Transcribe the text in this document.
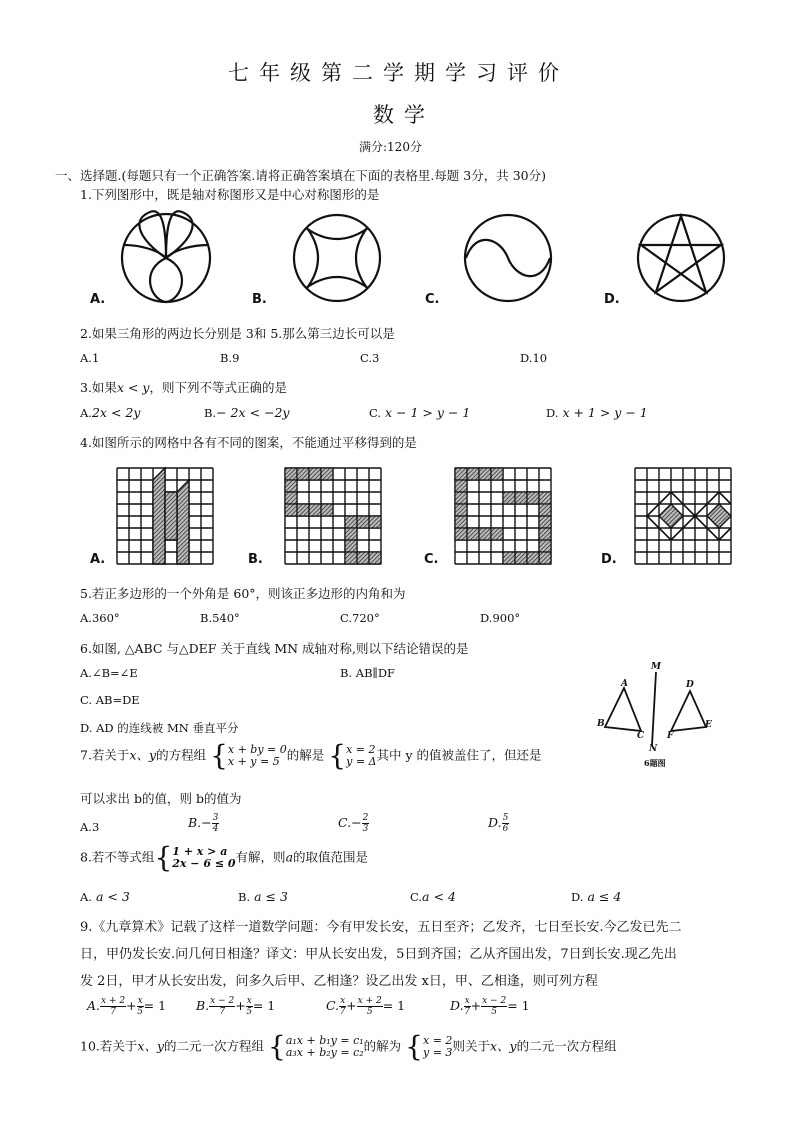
七年级第二学期学习评价
数学
满分:120分
一、选择题.(每题只有一个正确答案.请将正确答案填在下面的表格里.每题 3分，共 30分)
1.下列图形中，既是轴对称图形又是中心对称图形的是
A.	B.	C.	D.
2.如果三角形的两边长分别是 3和 5.那么第三边长可以是
A.1	B.9	C.3	D.10
3.如果x < y，则下列不等式正确的是
A.2x < 2y	B.− 2x < −2y	C. x − 1 > y − 1	D. x + 1 > y − 1
4.如图所示的网格中各有不同的图案，不能通过平移得到的是
A.	B.	C.	D.
5.若正多边形的一个外角是 60°，则该正多边形的内角和为
A.360°	B.540°	C.720°	D.900°
6.如图, △ABC 与△DEF 关于直线 MN 成轴对称,则以下结论错误的是
A.∠B=∠E	B. AB∥DF
C. AB=DE
D. AD 的连线被 MN 垂直平分
M
A	D
B
C	F
E
N
6题图
7.若关于x、y的方程组 { x + by = 0
x + y = 5 的解是 { x = 2
y = Δ 其中 y 的值被盖住了，但还是
可以求出 b的值，则 b的值为
A.3	$B.- \frac{3}{4}$	$C.- \frac{2}{3}$	D. $\frac{5}{6}$
8.若不等式组{ 1 + x > a
2x − 6 ≤ 0 有解，则a的取值范围是
A. a < 3	B. a ≤ 3	C.a < 4	D. a ≤ 4
9.《九章算术》记载了这样一道数学问题：今有甲发长安，五日至齐；乙发齐，七日至长安.今乙发已先二
日，甲仍发长安.问几何日相逢？译文：甲从长安出发，5日到齐国；乙从齐国出发，7日到长安.现乙先出
发 2日，甲才从长安出发，问多久后甲、乙相逢？设乙出发 x日，甲、乙相逢，则可列方程
A. $\frac{x + 2}{7} + \frac{x}{5} = 1$ B. $\frac{x - 2}{7} + \frac{x}{5} = 1$	C. $\frac{x}{7} + \frac{x + 2}{5} = 1$	D. $\frac{x}{7} + \frac{x - 2}{5} = 1$
10.若关于x、y的二元一次方程组 { a₁x + b₁y = c₁
a₃x + b₂y = c₂ 的解为 { x = 2
y = 3 则关于x、y的二元一次方程组
